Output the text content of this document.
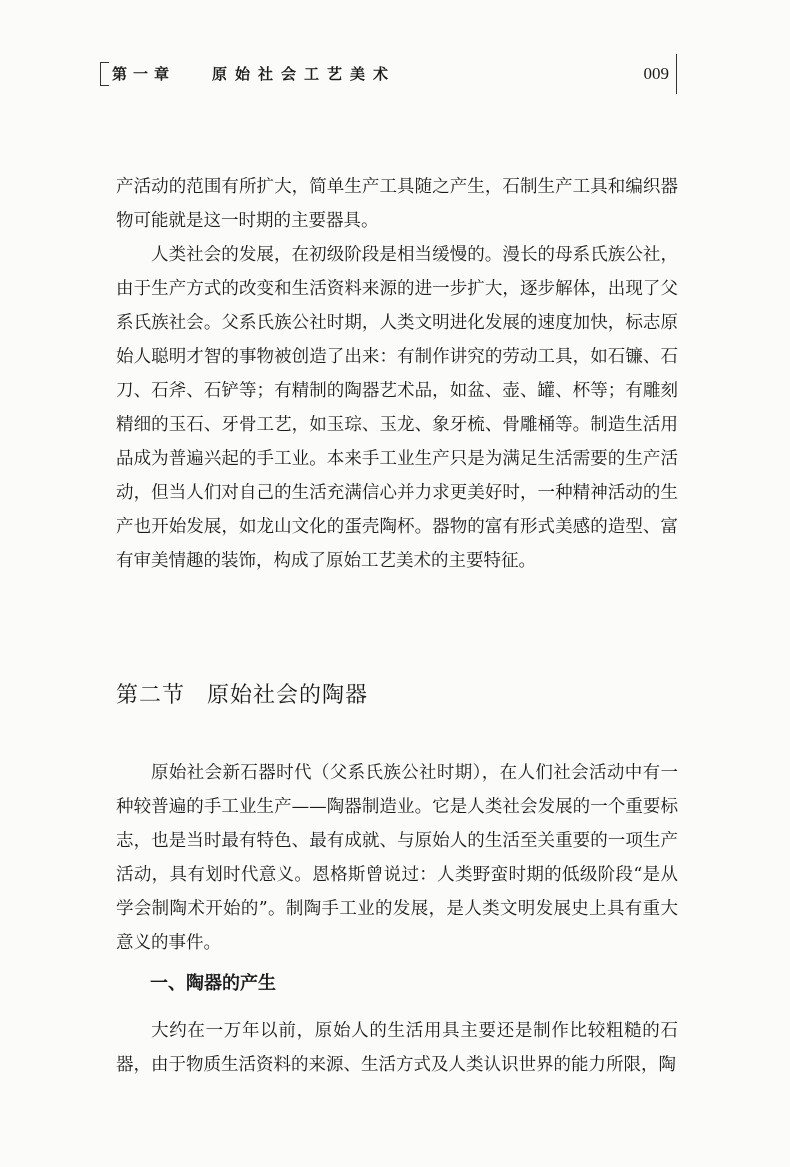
第一章 原始社会工艺美术	009

产活动的范围有所扩大，简单生产工具随之产生，石制生产工具和编织器物可能就是这一时期的主要器具。

人类社会的发展，在初级阶段是相当缓慢的。漫长的母系氏族公社，由于生产方式的改变和生活资料来源的进一步扩大，逐步解体，出现了父系氏族社会。父系氏族公社时期，人类文明进化发展的速度加快，标志原始人聪明才智的事物被创造了出来：有制作讲究的劳动工具，如石镰、石刀、石斧、石铲等；有精制的陶器艺术品，如盆、壶、罐、杯等；有雕刻精细的玉石、牙骨工艺，如玉琮、玉龙、象牙梳、骨雕桶等。制造生活用品成为普遍兴起的手工业。本来手工业生产只是为满足生活需要的生产活动，但当人们对自己的生活充满信心并力求更美好时，一种精神活动的生产也开始发展，如龙山文化的蛋壳陶杯。器物的富有形式美感的造型、富有审美情趣的装饰，构成了原始工艺美术的主要特征。

第二节 原始社会的陶器

原始社会新石器时代（父系氏族公社时期），在人们社会活动中有一种较普遍的手工业生产——陶器制造业。它是人类社会发展的一个重要标志，也是当时最有特色、最有成就、与原始人的生活至关重要的一项生产活动，具有划时代意义。恩格斯曾说过：人类野蛮时期的低级阶段“是从学会制陶术开始的”。制陶手工业的发展，是人类文明发展史上具有重大意义的事件。

一、陶器的产生

大约在一万年以前，原始人的生活用具主要还是制作比较粗糙的石器，由于物质生活资料的来源、生活方式及人类认识世界的能力所限，陶
